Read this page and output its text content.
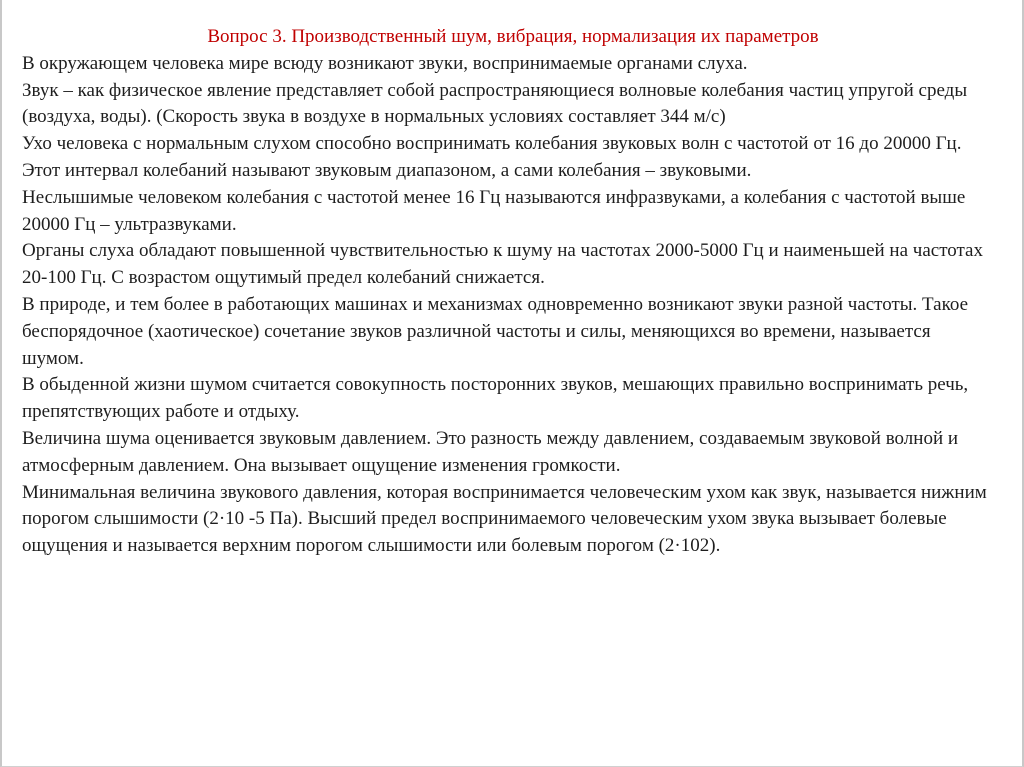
Вопрос 3. Производственный шум, вибрация, нормализация их параметров

В окружающем человека мире всюду возникают звуки, воспринимаемые органами слуха.

Звук – как физическое явление представляет собой распространяющиеся волновые колебания частиц упругой среды (воздуха, воды). (Скорость звука в воздухе в нормальных условиях составляет 344 м/с)

Ухо человека с нормальным слухом способно воспринимать колебания звуковых волн с частотой от 16 до 20000 Гц. Этот интервал колебаний называют звуковым диапазоном, а сами колебания – звуковыми.

Неслышимые человеком колебания с частотой менее 16 Гц называются инфразвуками, а колебания с частотой выше 20000 Гц – ультразвуками.

Органы слуха обладают повышенной чувствительностью к шуму на частотах 2000-5000 Гц и наименьшей на частотах 20-100 Гц. С возрастом ощутимый предел колебаний снижается.

В природе, и тем более в работающих машинах и механизмах одновременно возникают звуки разной частоты. Такое беспорядочное (хаотическое) сочетание звуков различной частоты и силы, меняющихся во времени, называется шумом.

В обыденной жизни шумом считается совокупность посторонних звуков, мешающих правильно воспринимать речь, препятствующих работе и отдыху.

Величина шума оценивается звуковым давлением. Это разность между давлением, создаваемым звуковой волной и атмосферным давлением. Она вызывает ощущение изменения громкости.

Минимальная величина звукового давления, которая воспринимается человеческим ухом как звук, называется нижним порогом слышимости (2·10 -5 Па). Высший предел воспринимаемого человеческим ухом звука вызывает болевые ощущения и называется верхним порогом слышимости или болевым порогом (2·102).
